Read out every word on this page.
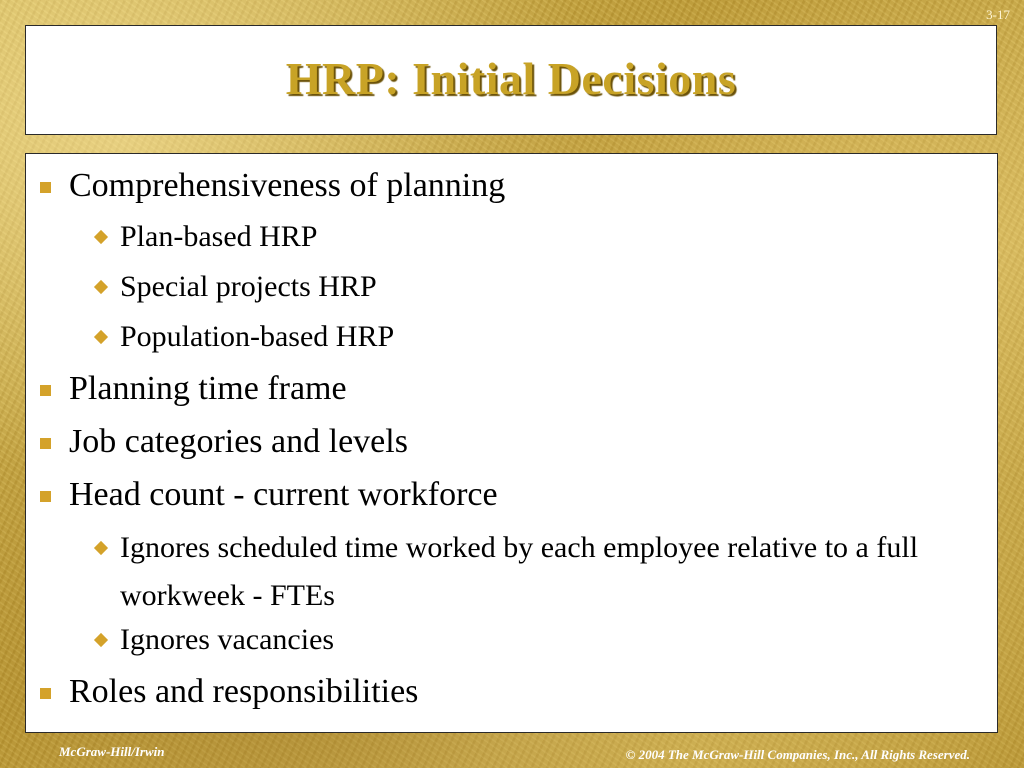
3-17
HRP: Initial Decisions
Comprehensiveness of planning
Plan-based HRP
Special projects HRP
Population-based HRP
Planning time frame
Job categories and levels
Head count - current workforce
Ignores scheduled time worked by each employee relative to a full workweek - FTEs
Ignores vacancies
Roles and responsibilities
McGraw-Hill/Irwin	© 2004 The McGraw-Hill Companies, Inc., All Rights Reserved.
